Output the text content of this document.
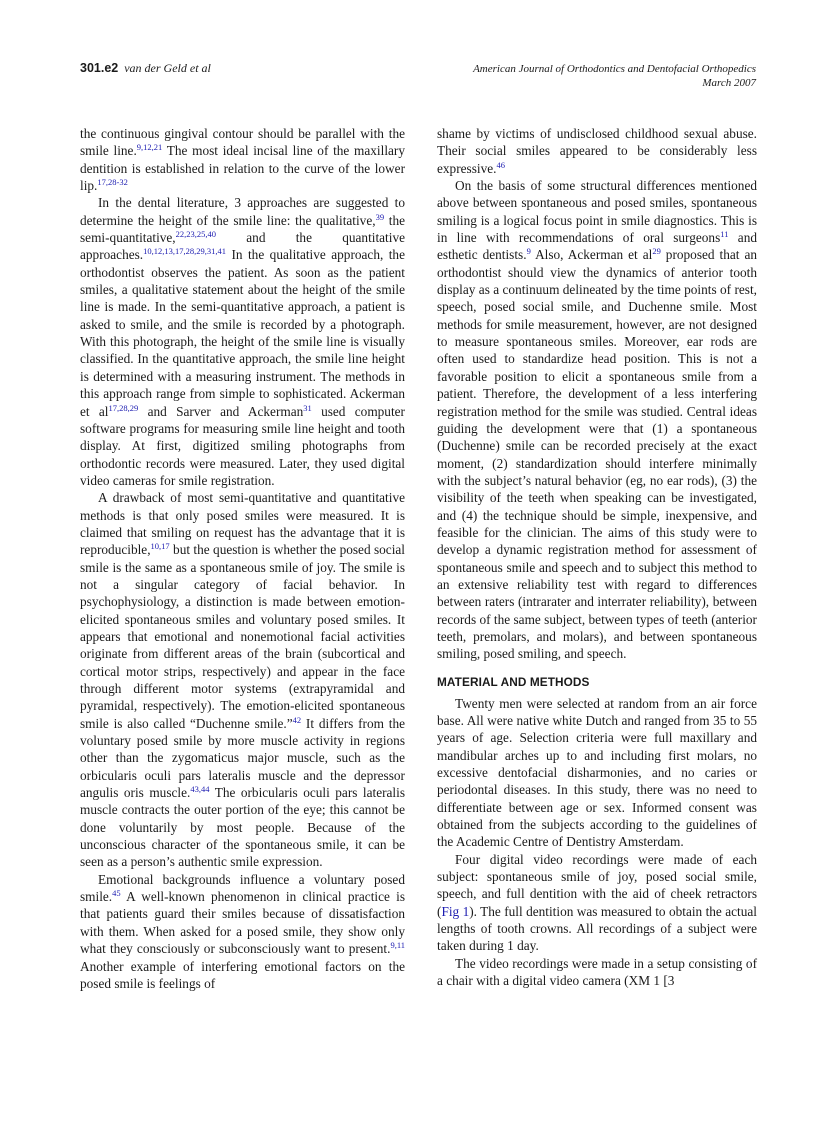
301.e2 van der Geld et al	American Journal of Orthodontics and Dentofacial Orthopedics
March 2007

the continuous gingival contour should be parallel with the smile line.$^{9,12,21}$ The most ideal incisal line of the maxillary dentition is established in relation to the curve of the lower lip.$^{17,28-32}$

In the dental literature, 3 approaches are suggested to determine the height of the smile line: the qualitative,$^{39}$ the semi-quantitative,$^{22,23,25,40}$ and the quantitative approaches.$^{10,12,13,17,28,29,31,41}$ In the qualitative approach, the orthodontist observes the patient. As soon as the patient smiles, a qualitative statement about the height of the smile line is made. In the semi-quantitative approach, a patient is asked to smile, and the smile is recorded by a photograph. With this photograph, the height of the smile line is visually classified. In the quantitative approach, the smile line height is determined with a measuring instrument. The methods in this approach range from simple to sophisticated. Ackerman et al$^{17,28,29}$ and Sarver and Ackerman$^{31}$ used computer software programs for measuring smile line height and tooth display. At first, digitized smiling photographs from orthodontic records were measured. Later, they used digital video cameras for smile registration.

A drawback of most semi-quantitative and quantitative methods is that only posed smiles were measured. It is claimed that smiling on request has the advantage that it is reproducible,$^{10,17}$ but the question is whether the posed social smile is the same as a spontaneous smile of joy. The smile is not a singular category of facial behavior. In psychophysiology, a distinction is made between emotion-elicited spontaneous smiles and voluntary posed smiles. It appears that emotional and nonemotional facial activities originate from different areas of the brain (subcortical and cortical motor strips, respectively) and appear in the face through different motor systems (extrapyramidal and pyramidal, respectively). The emotion-elicited spontaneous smile is also called “Duchenne smile.”$^{42}$ It differs from the voluntary posed smile by more muscle activity in regions other than the zygomaticus major muscle, such as the orbicularis oculi pars lateralis muscle and the depressor angulis oris muscle.$^{43,44}$ The orbicularis oculi pars lateralis muscle contracts the outer portion of the eye; this cannot be done voluntarily by most people. Because of the unconscious character of the spontaneous smile, it can be seen as a person’s authentic smile expression.

Emotional backgrounds influence a voluntary posed smile.$^{45}$ A well-known phenomenon in clinical practice is that patients guard their smiles because of dissatisfaction with them. When asked for a posed smile, they show only what they consciously or subconsciously want to present.$^{9,11}$ Another example of interfering emotional factors on the posed smile is feelings of

shame by victims of undisclosed childhood sexual abuse. Their social smiles appeared to be considerably less expressive.$^{46}$

On the basis of some structural differences mentioned above between spontaneous and posed smiles, spontaneous smiling is a logical focus point in smile diagnostics. This is in line with recommendations of oral surgeons$^{11}$ and esthetic dentists.$^9$ Also, Ackerman et $al^{29}$ proposed that an orthodontist should view the dynamics of anterior tooth display as a continuum delineated by the time points of rest, speech, posed social smile, and Duchenne smile. Most methods for smile measurement, however, are not designed to measure spontaneous smiles. Moreover, ear rods are often used to standardize head position. This is not a favorable position to elicit a spontaneous smile from a patient. Therefore, the development of a less interfering registration method for the smile was studied. Central ideas guiding the development were that (1) a spontaneous (Duchenne) smile can be recorded precisely at the exact moment, (2) standardization should interfere minimally with the subject’s natural behavior (eg, no ear rods), (3) the visibility of the teeth when speaking can be investigated, and (4) the technique should be simple, inexpensive, and feasible for the clinician. The aims of this study were to develop a dynamic registration method for assessment of spontaneous smile and speech and to subject this method to an extensive reliability test with regard to differences between raters (intrarater and interrater reliability), between records of the same subject, between types of teeth (anterior teeth, premolars, and molars), and between spontaneous smiling, posed smiling, and speech.

MATERIAL AND METHODS

Twenty men were selected at random from an air force base. All were native white Dutch and ranged from 35 to 55 years of age. Selection criteria were full maxillary and mandibular arches up to and including first molars, no excessive dentofacial disharmonies, and no caries or periodontal diseases. In this study, there was no need to differentiate between age or sex. Informed consent was obtained from the subjects according to the guidelines of the Academic Centre of Dentistry Amsterdam.

Four digital video recordings were made of each subject: spontaneous smile of joy, posed social smile, speech, and full dentition with the aid of cheek retractors (Fig 1). The full dentition was measured to obtain the actual lengths of tooth crowns. All recordings of a subject were taken during 1 day.

The video recordings were made in a setup consisting of a chair with a digital video camera (XM 1 [3
